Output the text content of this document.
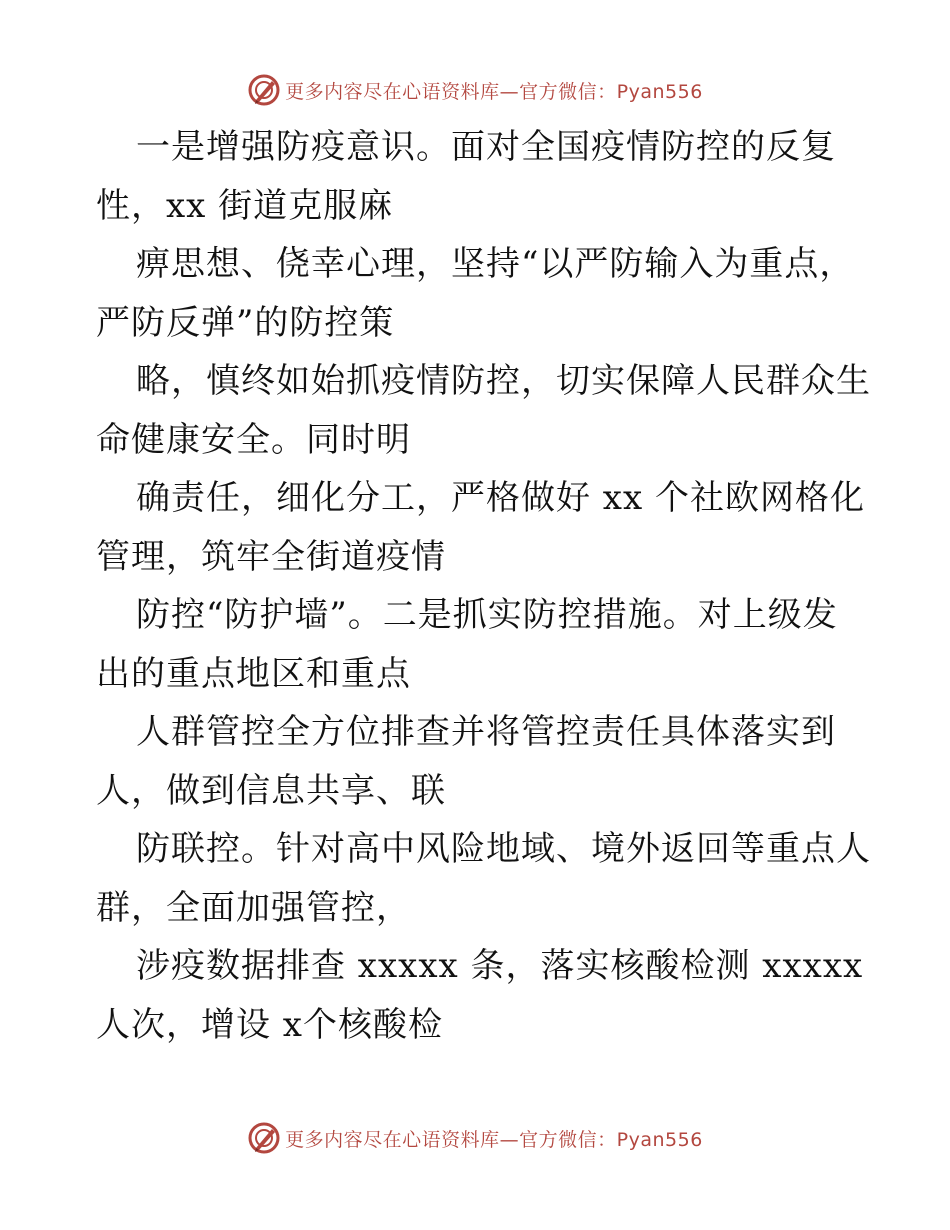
更多内容尽在心语资料库—官方微信：Pyan556
一是增强防疫意识。面对全国疫情防控的反复
性，xx 街道克服麻
痹思想、侥幸心理，坚持“以严防输入为重点，
严防反弹”的防控策
略，慎终如始抓疫情防控，切实保障人民群众生
命健康安全。同时明
确责任，细化分工，严格做好 xx 个社欧网格化
管理，筑牢全街道疫情
防控“防护墙”。二是抓实防控措施。对上级发
出的重点地区和重点
人群管控全方位排查并将管控责任具体落实到
人，做到信息共享、联
防联控。针对高中风险地域、境外返回等重点人
群，全面加强管控，
涉疫数据排查 xxxxx 条，落实核酸检测 xxxxx
人次，增设 x个核酸检
更多内容尽在心语资料库—官方微信：Pyan556
